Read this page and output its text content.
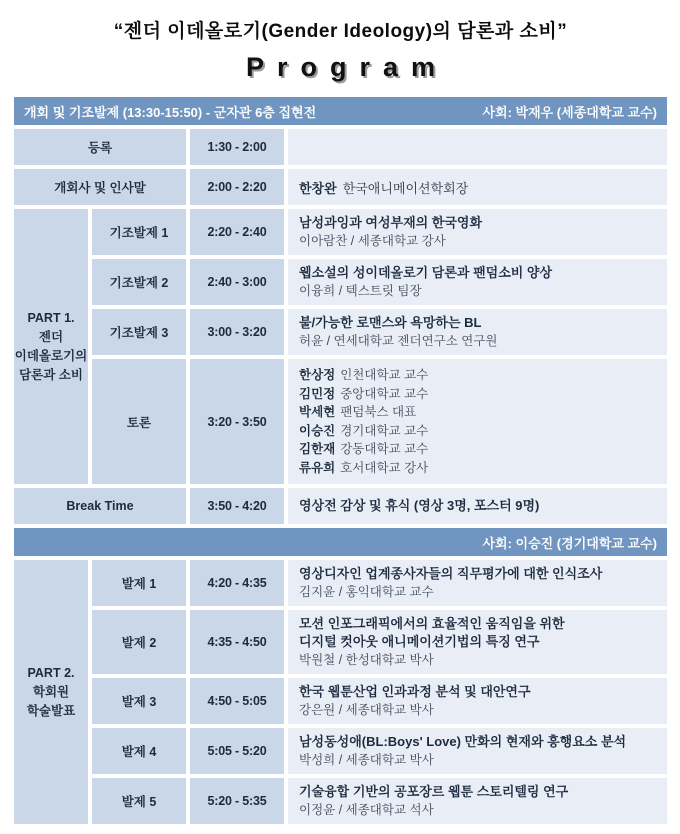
“젠더 이데올로기(Gender Ideology)의 담론과 소비”
Program
개회 및 기조발제 (13:30-15:50) - 군자관 6층 집현전	사회: 박재우 (세종대학교 교수)
등록	1:30 - 2:00
개회사 및 인사말	2:00 - 2:20	한창완 한국애니메이션학회장
PART 1.
젠더
이데올로기의
담론과 소비
기조발제 1	2:20 - 2:40
남성과잉과 여성부재의 한국영화
이아람찬 / 세종대학교 강사
기조발제 2	2:40 - 3:00
웹소설의 성이데올로기 담론과 팬덤소비 양상
이융희 / 텍스트릿 팀장
기조발제 3	3:00 - 3:20
불/가능한 로맨스와 욕망하는 BL
허윤 / 연세대학교 젠더연구소 연구원
토론	3:20 - 3:50
한상정 인천대학교 교수
김민정 중앙대학교 교수
박세현 팬덤북스 대표
이승진 경기대학교 교수
김한재 강동대학교 교수
류유희 호서대학교 강사
Break Time	3:50 - 4:20	영상전 감상 및 휴식 (영상 3명, 포스터 9명)
사회: 이승진 (경기대학교 교수)
PART 2.
학회원
학술발표
발제 1	4:20 - 4:35
영상디자인 업계종사자들의 직무평가에 대한 인식조사
김지윤 / 홍익대학교 교수
발제 2	4:35 - 4:50
모션 인포그래픽에서의 효율적인 움직임을 위한
디지털 컷아웃 애니메이션기법의 특징 연구
박원철 / 한성대학교 박사
발제 3	4:50 - 5:05
한국 웹툰산업 인과과정 분석 및 대안연구
강은원 / 세종대학교 박사
발제 4	5:05 - 5:20
남성동성애(BL:Boys' Love) 만화의 현재와 흥행요소 분석
박성희 / 세종대학교 박사
발제 5	5:20 - 5:35
기술융합 기반의 공포장르 웹툰 스토리텔링 연구
이정윤 / 세종대학교 석사
